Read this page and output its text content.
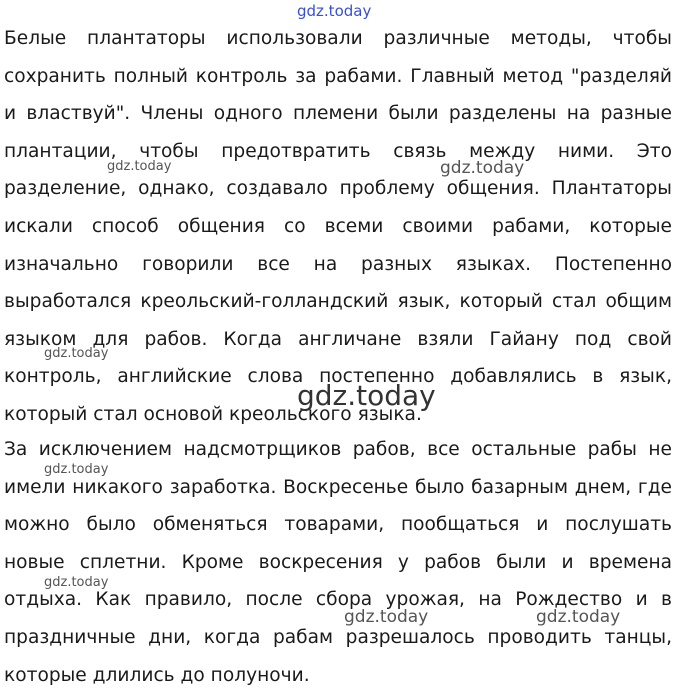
Белые плантаторы использовали различные методы, чтобы сохранить полный контроль за рабами. Главный метод "разделяй и властвуй". Члены одного племени были разделены на разные плантации, чтобы предотвратить связь между ними. Это разделение, однако, создавало проблему общения. Плантаторы искали способ общения со всеми своими рабами, которые изначально говорили все на разных языках. Постепенно выработался креольский-голландский язык, который стал общим языком для рабов. Когда англичане взяли Гайану под свой контроль, английские слова постепенно добавлялись в язык, который стал основой креольского языка.

За исключением надсмотрщиков рабов, все остальные рабы не имели никакого заработка. Воскресенье было базарным днем, где можно было обменяться товарами, пообщаться и послушать новые сплетни. Кроме воскресения у рабов были и времена отдыха. Как правило, после сбора урожая, на Рождество и в праздничные дни, когда рабам разрешалось проводить танцы, которые длились до полуночи.

gdz.today
gdz.today	gdz.today
gdz.today
gdz.today
gdz.today
gdz.today
gdz.today	gdz.today
